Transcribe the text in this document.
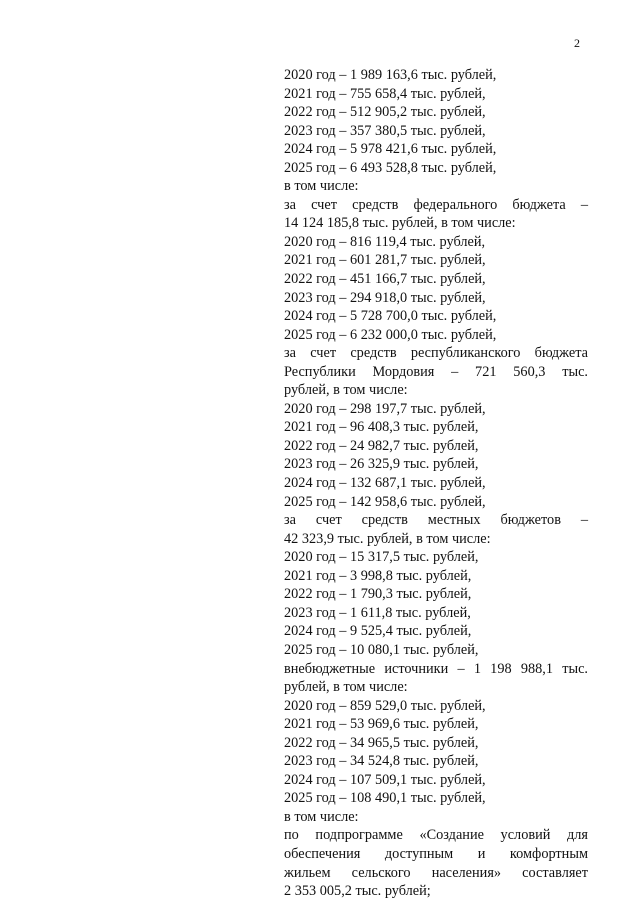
2
2020 год – 1 989 163,6 тыс. рублей,
2021 год – 755 658,4 тыс. рублей,
2022 год – 512 905,2 тыс. рублей,
2023 год – 357 380,5 тыс. рублей,
2024 год – 5 978 421,6 тыс. рублей,
2025 год – 6 493 528,8 тыс. рублей,
в том числе:
за счет средств федерального бюджета –
14 124 185,8 тыс. рублей, в том числе:
2020 год – 816 119,4 тыс. рублей,
2021 год – 601 281,7 тыс. рублей,
2022 год – 451 166,7 тыс. рублей,
2023 год – 294 918,0 тыс. рублей,
2024 год – 5 728 700,0 тыс. рублей,
2025 год – 6 232 000,0 тыс. рублей,
за счет средств республиканского бюджета
Республики Мордовия – 721 560,3 тыс.
рублей, в том числе:
2020 год – 298 197,7 тыс. рублей,
2021 год – 96 408,3 тыс. рублей,
2022 год – 24 982,7 тыс. рублей,
2023 год – 26 325,9 тыс. рублей,
2024 год – 132 687,1 тыс. рублей,
2025 год – 142 958,6 тыс. рублей,
за счет средств местных бюджетов –
42 323,9 тыс. рублей, в том числе:
2020 год – 15 317,5 тыс. рублей,
2021 год – 3 998,8 тыс. рублей,
2022 год – 1 790,3 тыс. рублей,
2023 год – 1 611,8 тыс. рублей,
2024 год – 9 525,4 тыс. рублей,
2025 год – 10 080,1 тыс. рублей,
внебюджетные источники – 1 198 988,1 тыс.
рублей, в том числе:
2020 год – 859 529,0 тыс. рублей,
2021 год – 53 969,6 тыс. рублей,
2022 год – 34 965,5 тыс. рублей,
2023 год – 34 524,8 тыс. рублей,
2024 год – 107 509,1 тыс. рублей,
2025 год – 108 490,1 тыс. рублей,
в том числе:
по подпрограмме «Создание условий для
обеспечения доступным и комфортным
жильем сельского населения» составляет
2 353 005,2 тыс. рублей;
